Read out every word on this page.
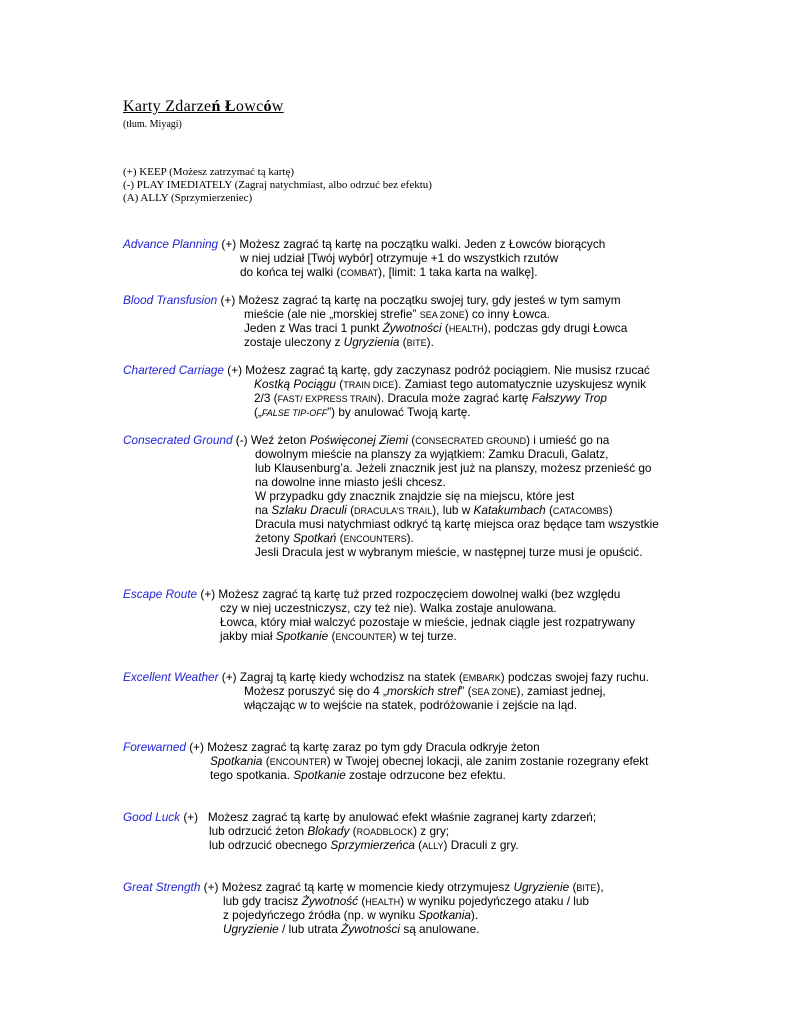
Karty Zdarzeń Łowców
(tłum. Miyagi)
(+) KEEP (Możesz zatrzymać tą kartę)
(-) PLAY IMEDIATELY (Zagraj natychmiast, albo odrzuć bez efektu)
(A) ALLY (Sprzymierzeniec)
Advance Planning (+) Możesz zagrać tą kartę na początku walki. Jeden z Łowców biorących
w niej udział [Twój wybór] otrzymuje +1 do wszystkich rzutów
do końca tej walki (COMBAT), [limit: 1 taka karta na walkę].
Blood Transfusion (+) Możesz zagrać tą kartę na początku swojej tury, gdy jesteś w tym samym
mieście (ale nie „morskiej strefie” SEA ZONE) co inny Łowca.
Jeden z Was traci 1 punkt Żywotności (HEALTH), podczas gdy drugi Łowca
zostaje uleczony z Ugryzienia (BITE).
Chartered Carriage (+) Możesz zagrać tą kartę, gdy zaczynasz podróż pociągiem. Nie musisz rzucać
Kostką Pociągu (TRAIN DICE). Zamiast tego automatycznie uzyskujesz wynik
2/3 (FAST/ EXPRESS TRAIN). Dracula może zagrać kartę Fałszywy Trop
(„FALSE TIP-OFF”) by anulować Twoją kartę.
Consecrated Ground (-) Weź żeton Poświęconej Ziemi (CONSECRATED GROUND) i umieść go na
dowolnym mieście na planszy za wyjątkiem: Zamku Draculi, Galatz,
lub Klausenburg’a. Jeżeli znacznik jest już na planszy, możesz przenieść go
na dowolne inne miasto jeśli chcesz.
W przypadku gdy znacznik znajdzie się na miejscu, które jest
na Szlaku Draculi (DRACULA’S TRAIL), lub w Katakumbach (CATACOMBS)
Dracula musi natychmiast odkryć tą kartę miejsca oraz będące tam wszystkie
żetony Spotkań (ENCOUNTERS).
Jesli Dracula jest w wybranym mieście, w następnej turze musi je opuścić.
Escape Route (+) Możesz zagrać tą kartę tuż przed rozpoczęciem dowolnej walki (bez względu
czy w niej uczestniczysz, czy też nie). Walka zostaje anulowana.
Łowca, który miał walczyć pozostaje w mieście, jednak ciągle jest rozpatrywany
jakby miał Spotkanie (ENCOUNTER) w tej turze.
Excellent Weather (+) Zagraj tą kartę kiedy wchodzisz na statek (EMBARK) podczas swojej fazy ruchu.
Możesz poruszyć się do 4 „morskich stref” (SEA ZONE), zamiast jednej,
włączając w to wejście na statek, podróżowanie i zejście na ląd.
Forewarned (+) Możesz zagrać tą kartę zaraz po tym gdy Dracula odkryje żeton
Spotkania (ENCOUNTER) w Twojej obecnej lokacji, ale zanim zostanie rozegrany efekt
tego spotkania. Spotkanie zostaje odrzucone bez efektu.
Good Luck (+)   Możesz zagrać tą kartę by anulować efekt właśnie zagranej karty zdarzeń;
lub odrzucić żeton Blokady (ROADBLOCK) z gry;
lub odrzucić obecnego Sprzymierzeńca (ALLY) Draculi z gry.
Great Strength (+) Możesz zagrać tą kartę w momencie kiedy otrzymujesz Ugryzienie (BITE),
lub gdy tracisz Żywotność (HEALTH) w wyniku pojedyńczego ataku / lub
z pojedyńczego źródła (np. w wyniku Spotkania).
Ugryzienie / lub utrata Żywotności są anulowane.
